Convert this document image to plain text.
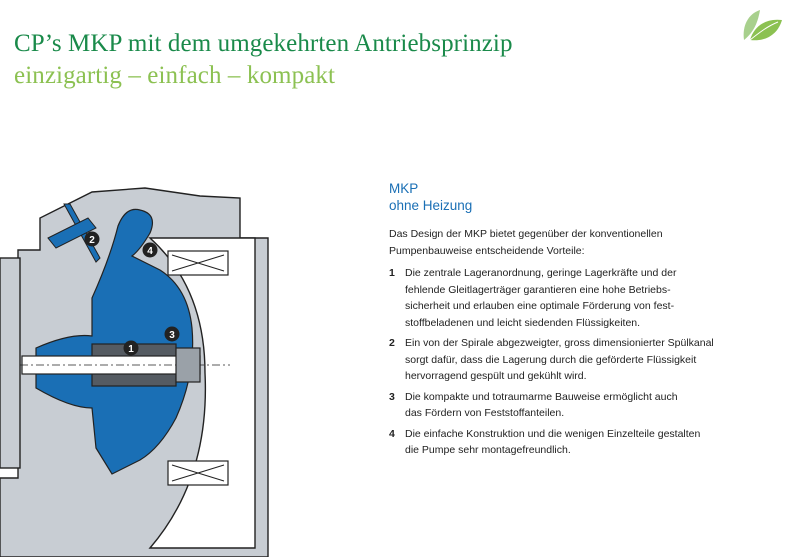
CP’s MKP mit dem umgekehrten Antriebsprinzip
einzigartig – einfach – kompakt
1
2
3
4
MKP
ohne Heizung
Das Design der MKP bietet gegenüber der konventionellen
Pumpenbauweise entscheidende Vorteile:
1 Die zentrale Lageranordnung, geringe Lagerkräfte und der
fehlende Gleitlagerträger garantieren eine hohe Betriebs-
sicherheit und erlauben eine optimale Förderung von fest-
stoffbeladenen und leicht siedenden Flüssigkeiten.
2 Ein von der Spirale abgezweigter, gross dimensionierter Spülkanal
sorgt dafür, dass die Lagerung durch die geförderte Flüssigkeit
hervorragend gespült und gekühlt wird.
3 Die kompakte und totraumarme Bauweise ermöglicht auch
das Fördern von Feststoffanteilen.
4 Die einfache Konstruktion und die wenigen Einzelteile gestalten
die Pumpe sehr montagefreundlich.
